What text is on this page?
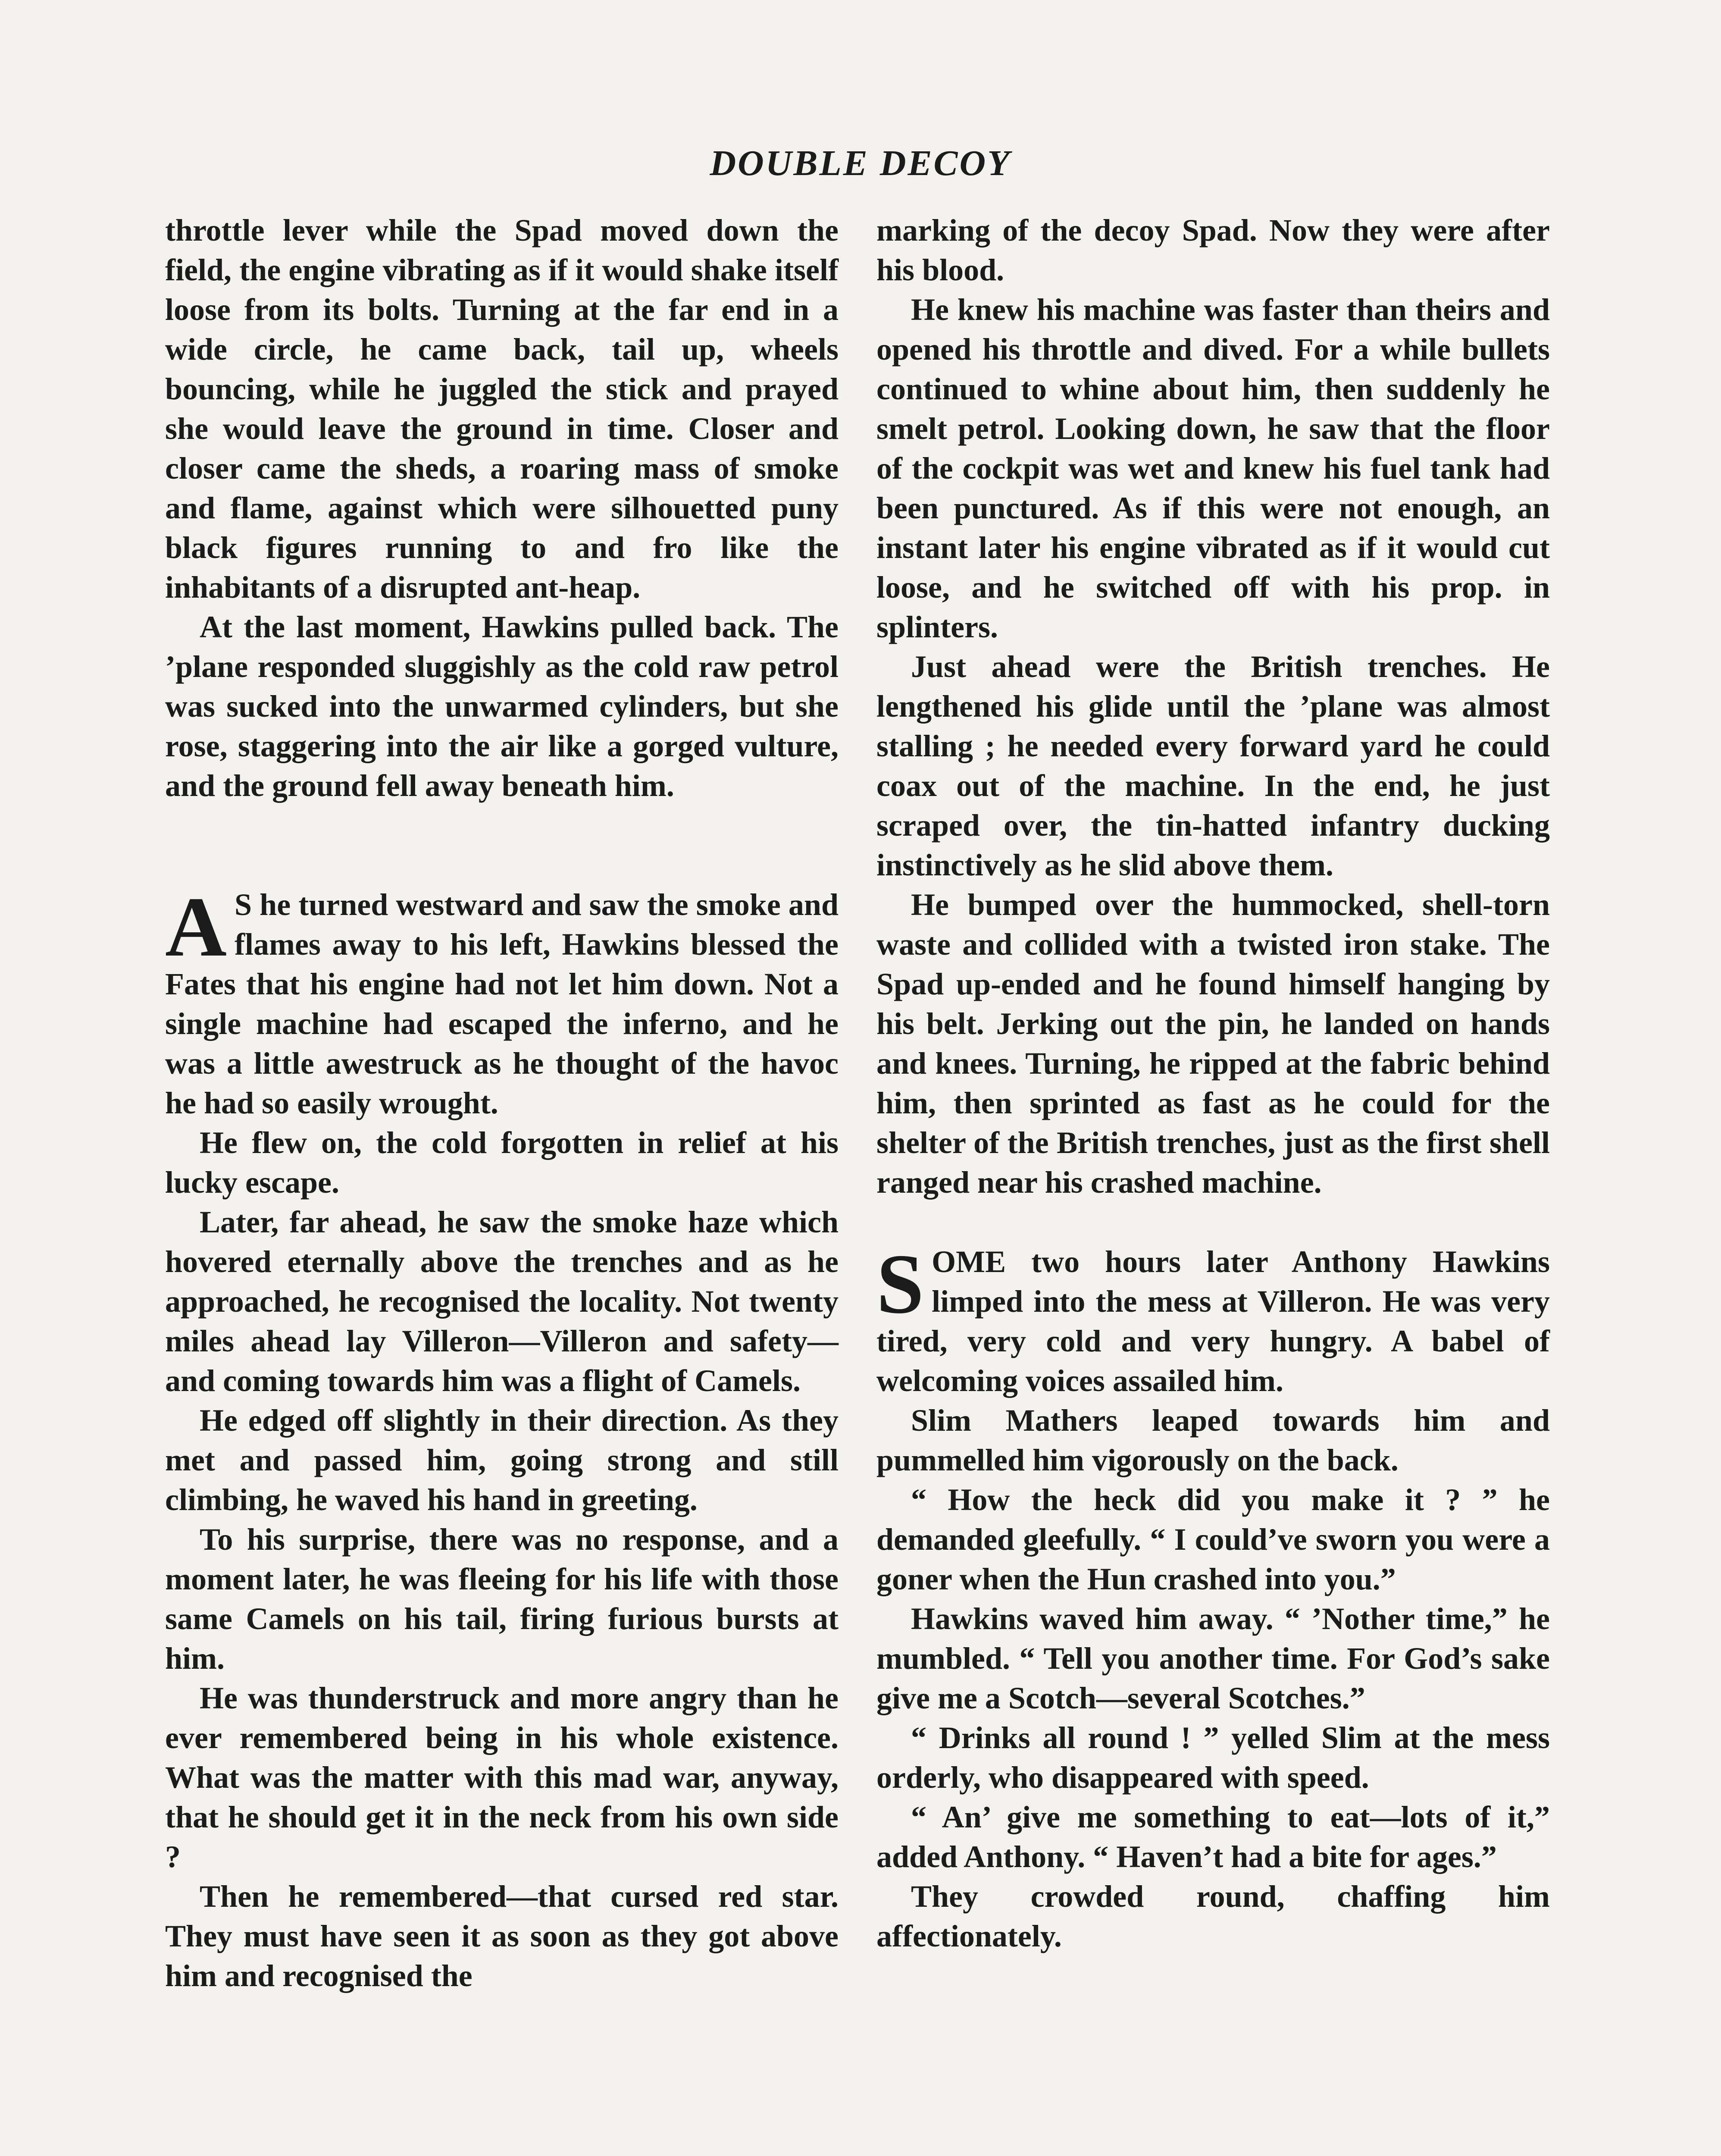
DOUBLE DECOY

throttle lever while the Spad moved down the field, the engine vibrating as if it would shake itself loose from its bolts. Turning at the far end in a wide circle, he came back, tail up, wheels bouncing, while he juggled the stick and prayed she would leave the ground in time. Closer and closer came the sheds, a roaring mass of smoke and flame, against which were silhouetted puny black figures running to and fro like the inhabitants of a disrupted ant-heap.

At the last moment, Hawkins pulled back. The ’plane responded sluggishly as the cold raw petrol was sucked into the unwarmed cylinders, but she rose, staggering into the air like a gorged vulture, and the ground fell away beneath him.

A S he turned westward and saw the smoke and flames away to his left, Hawkins blessed the Fates that his engine had not let him down. Not a single machine had escaped the inferno, and he was a little awestruck as he thought of the havoc he had so easily wrought.

He flew on, the cold forgotten in relief at his lucky escape.

Later, far ahead, he saw the smoke haze which hovered eternally above the trenches and as he approached, he recognised the locality. Not twenty miles ahead lay Villeron—Villeron and safety—and coming towards him was a flight of Camels.

He edged off slightly in their direction. As they met and passed him, going strong and still climbing, he waved his hand in greeting.

To his surprise, there was no response, and a moment later, he was fleeing for his life with those same Camels on his tail, firing furious bursts at him.

He was thunderstruck and more angry than he ever remembered being in his whole existence. What was the matter with this mad war, anyway, that he should get it in the neck from his own side ?

Then he remembered—that cursed red star. They must have seen it as soon as they got above him and recognised the

marking of the decoy Spad. Now they were after his blood.

He knew his machine was faster than theirs and opened his throttle and dived. For a while bullets continued to whine about him, then suddenly he smelt petrol. Looking down, he saw that the floor of the cockpit was wet and knew his fuel tank had been punctured. As if this were not enough, an instant later his engine vibrated as if it would cut loose, and he switched off with his prop. in splinters.

Just ahead were the British trenches. He lengthened his glide until the ’plane was almost stalling ; he needed every forward yard he could coax out of the machine. In the end, he just scraped over, the tin-hatted infantry ducking instinctively as he slid above them.

He bumped over the hummocked, shell-torn waste and collided with a twisted iron stake. The Spad up-ended and he found himself hanging by his belt. Jerking out the pin, he landed on hands and knees. Turning, he ripped at the fabric behind him, then sprinted as fast as he could for the shelter of the British trenches, just as the first shell ranged near his crashed machine.

SOME two hours later Anthony Hawkins limped into the mess at Villeron. He was very tired, very cold and very hungry. A babel of welcoming voices assailed him.

Slim Mathers leaped towards him and pummelled him vigorously on the back.

“ How the heck did you make it ? ” he demanded gleefully. “ I could’ve sworn you were a goner when the Hun crashed into you.”

Hawkins waved him away. “ ’Nother time,” he mumbled. “ Tell you another time. For God’s sake give me a Scotch—several Scotches.”

“ Drinks all round ! ” yelled Slim at the mess orderly, who disappeared with speed.

“ An’ give me something to eat—lots of it,” added Anthony. “ Haven’t had a bite for ages.”

They crowded round, chaffing him affectionately.
